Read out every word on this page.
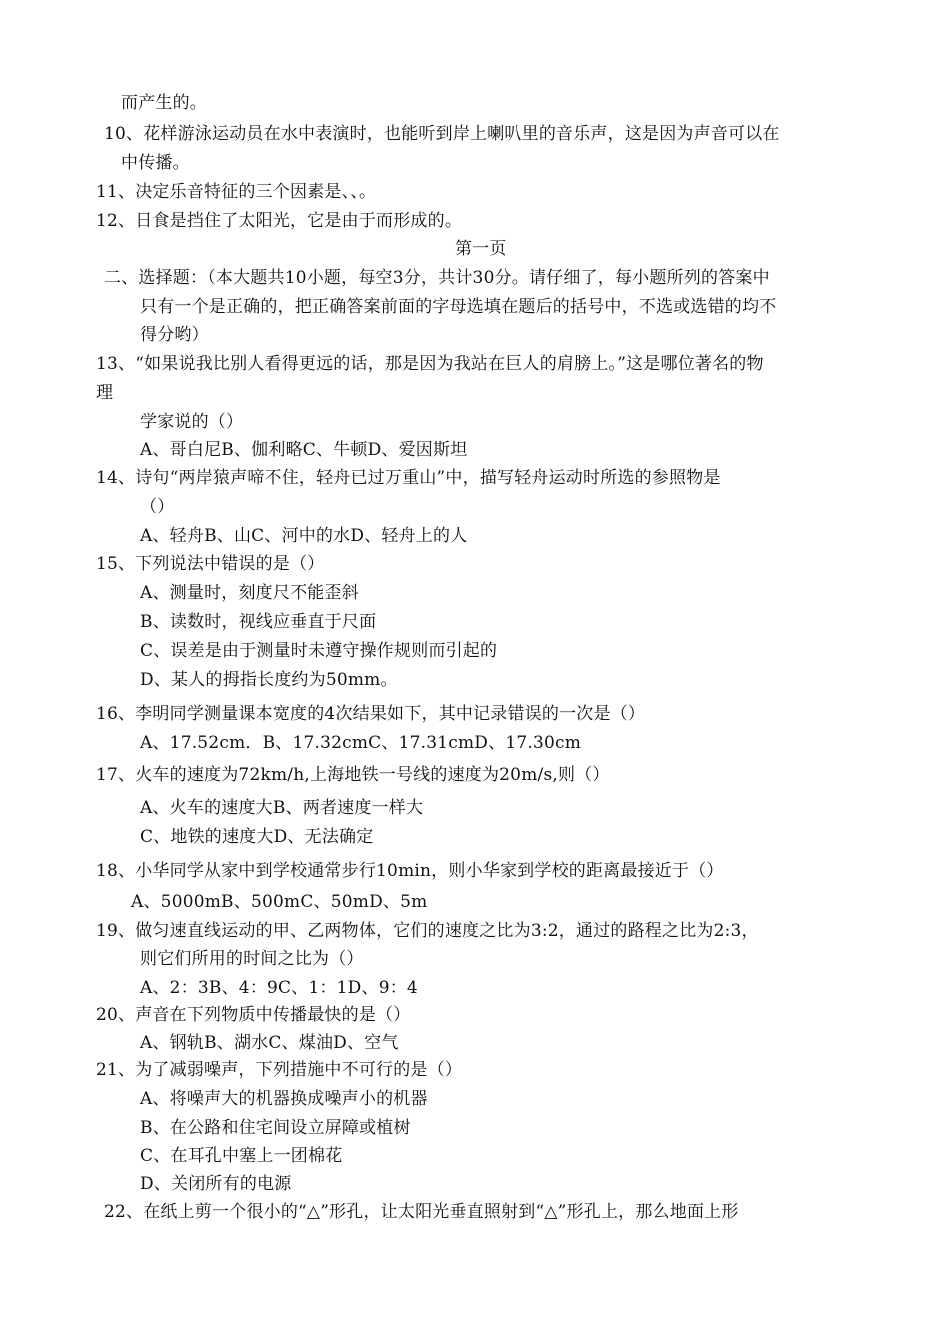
而产生的。
10、花样游泳运动员在水中表演时，也能听到岸上喇叭里的音乐声，这是因为声音可以在
中传播。
11、决定乐音特征的三个因素是、、。
12、日食是挡住了太阳光，它是由于而形成的。
第一页
二、选择题：（本大题共10小题，每空3分，共计30分。请仔细了，每小题所列的答案中
只有一个是正确的，把正确答案前面的字母选填在题后的括号中，不选或选错的均不
得分哟）
13、“如果说我比别人看得更远的话，那是因为我站在巨人的肩膀上。”这是哪位著名的物
理
学家说的（）
A、哥白尼B、伽利略C、牛顿D、爱因斯坦
14、诗句“两岸猿声啼不住，轻舟已过万重山”中，描写轻舟运动时所选的参照物是
（）
A、轻舟B、山C、河中的水D、轻舟上的人
15、下列说法中错误的是（）
A、测量时，刻度尺不能歪斜
B、读数时，视线应垂直于尺面
C、误差是由于测量时未遵守操作规则而引起的
D、某人的拇指长度约为50mm。
16、李明同学测量课本宽度的4次结果如下，其中记录错误的一次是（）
A、17.52cm．B、17.32cmC、17.31cmD、17.30cm
17、火车的速度为72km/h,上海地铁一号线的速度为20m/s,则（）
A、火车的速度大B、两者速度一样大
C、地铁的速度大D、无法确定
18、小华同学从家中到学校通常步行10min，则小华家到学校的距离最接近于（）
A、5000mB、500mC、50mD、5m
19、做匀速直线运动的甲、乙两物体，它们的速度之比为3:2，通过的路程之比为2:3，
则它们所用的时间之比为（）
A、2：3B、4：9C、1：1D、9：4
20、声音在下列物质中传播最快的是（）
A、钢轨B、湖水C、煤油D、空气
21、为了减弱噪声，下列措施中不可行的是（）
A、将噪声大的机器换成噪声小的机器
B、在公路和住宅间设立屏障或植树
C、在耳孔中塞上一团棉花
D、关闭所有的电源
22、在纸上剪一个很小的“△”形孔，让太阳光垂直照射到“△”形孔上，那么地面上形
